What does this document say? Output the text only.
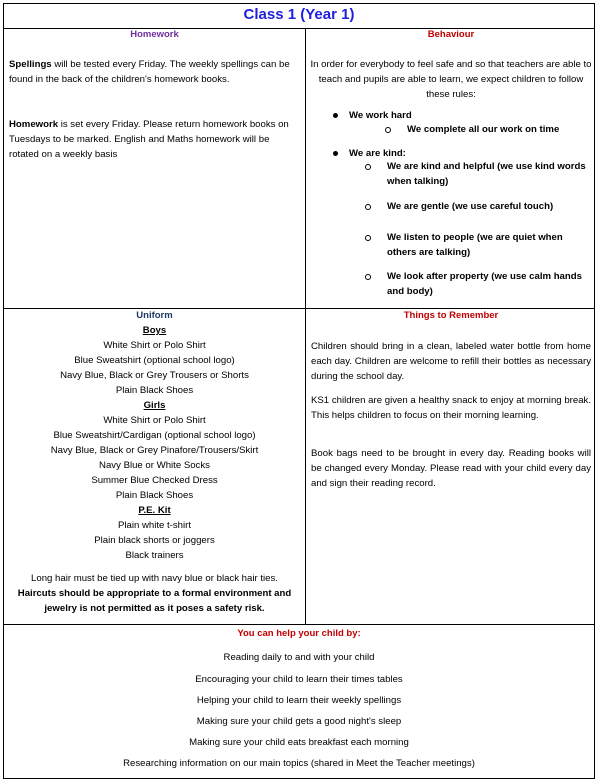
Class 1 (Year 1)
Homework
Spellings will be tested every Friday. The weekly spellings can be found in the back of the children's homework books.
Homework is set every Friday. Please return homework books on Tuesdays to be marked. English and Maths homework will be rotated on a weekly basis
Behaviour
In order for everybody to feel safe and so that teachers are able to teach and pupils are able to learn, we expect children to follow these rules:
We work hard
We complete all our work on time
We are kind:
We are kind and helpful (we use kind words when talking)
We are gentle (we use careful touch)
We listen to people (we are quiet when others are talking)
We look after property (we use calm hands and body)
Uniform
Boys
White Shirt or Polo Shirt
Blue Sweatshirt (optional school logo)
Navy Blue, Black or Grey Trousers or Shorts
Plain Black Shoes
Girls
White Shirt or Polo Shirt
Blue Sweatshirt/Cardigan (optional school logo)
Navy Blue, Black or Grey Pinafore/Trousers/Skirt
Navy Blue or White Socks
Summer Blue Checked Dress
Plain Black Shoes
P.E. Kit
Plain white t-shirt
Plain black shorts or joggers
Black trainers
Long hair must be tied up with navy blue or black hair ties.
Haircuts should be appropriate to a formal environment and jewelry is not permitted as it poses a safety risk.
Things to Remember
Children should bring in a clean, labeled water bottle from home each day. Children are welcome to refill their bottles as necessary during the school day.
KS1 children are given a healthy snack to enjoy at morning break. This helps children to focus on their morning learning.
Book bags need to be brought in every day. Reading books will be changed every Monday. Please read with your child every day and sign their reading record.
You can help your child by:
Reading daily to and with your child
Encouraging your child to learn their times tables
Helping your child to learn their weekly spellings
Making sure your child gets a good night's sleep
Making sure your child eats breakfast each morning
Researching information on our main topics (shared in Meet the Teacher meetings)
